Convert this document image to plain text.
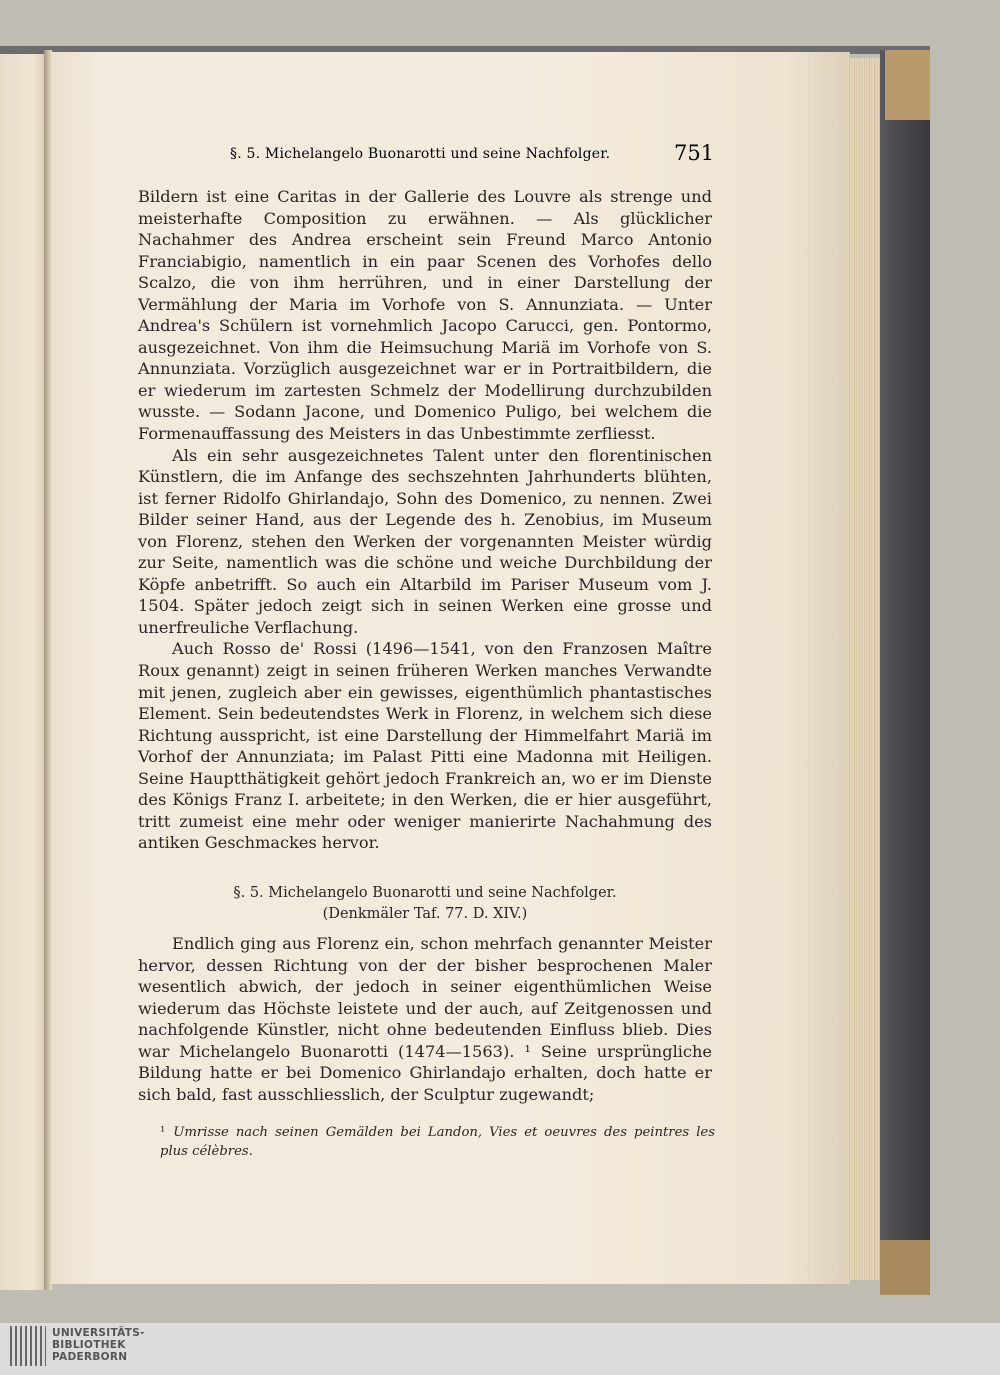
§. 5. Michelangelo Buonarotti und seine Nachfolger.	751

Bildern ist eine Caritas in der Gallerie des Louvre als strenge und meisterhafte Composition zu erwähnen. — Als glücklicher Nachahmer des Andrea erscheint sein Freund Marco Antonio Franciabigio, namentlich in ein paar Scenen des Vorhofes dello Scalzo, die von ihm herrühren, und in einer Darstellung der Vermählung der Maria im Vorhofe von S. Annunziata. — Unter Andrea's Schülern ist vornehmlich Jacopo Carucci, gen. Pontormo, ausgezeichnet. Von ihm die Heimsuchung Mariä im Vorhofe von S. Annunziata. Vorzüglich ausgezeichnet war er in Portraitbildern, die er wiederum im zartesten Schmelz der Modellirung durchzubilden wusste. — Sodann Jacone, und Domenico Puligo, bei welchem die Formenauffassung des Meisters in das Unbestimmte zerfliesst.

Als ein sehr ausgezeichnetes Talent unter den florentinischen Künstlern, die im Anfange des sechszehnten Jahrhunderts blühten, ist ferner Ridolfo Ghirlandajo, Sohn des Domenico, zu nennen. Zwei Bilder seiner Hand, aus der Legende des h. Zenobius, im Museum von Florenz, stehen den Werken der vorgenannten Meister würdig zur Seite, namentlich was die schöne und weiche Durchbildung der Köpfe anbetrifft. So auch ein Altarbild im Pariser Museum vom J. 1504. Später jedoch zeigt sich in seinen Werken eine grosse und unerfreuliche Verflachung.

Auch Rosso de' Rossi (1496—1541, von den Franzosen Maître Roux genannt) zeigt in seinen früheren Werken manches Verwandte mit jenen, zugleich aber ein gewisses, eigenthümlich phantastisches Element. Sein bedeutendstes Werk in Florenz, in welchem sich diese Richtung ausspricht, ist eine Darstellung der Himmelfahrt Mariä im Vorhof der Annunziata; im Palast Pitti eine Madonna mit Heiligen. Seine Hauptthätigkeit gehört jedoch Frankreich an, wo er im Dienste des Königs Franz I. arbeitete; in den Werken, die er hier ausgeführt, tritt zumeist eine mehr oder weniger manierirte Nachahmung des antiken Geschmackes hervor.

§. 5. Michelangelo Buonarotti und seine Nachfolger.
(Denkmäler Taf. 77. D. XIV.)

Endlich ging aus Florenz ein, schon mehrfach genannter Meister hervor, dessen Richtung von der der bisher besprochenen Maler wesentlich abwich, der jedoch in seiner eigenthümlichen Weise wiederum das Höchste leistete und der auch, auf Zeitgenossen und nachfolgende Künstler, nicht ohne bedeutenden Einfluss blieb. Dies war Michelangelo Buonarotti (1474—1563). ¹ Seine ursprüngliche Bildung hatte er bei Domenico Ghirlandajo erhalten, doch hatte er sich bald, fast ausschliesslich, der Sculptur zugewandt;

¹ Umrisse nach seinen Gemälden bei Landon, Vies et oeuvres des peintres les plus célèbres.
UNIVERSITÄTS-
BIBLIOTHEK
PADERBORN
